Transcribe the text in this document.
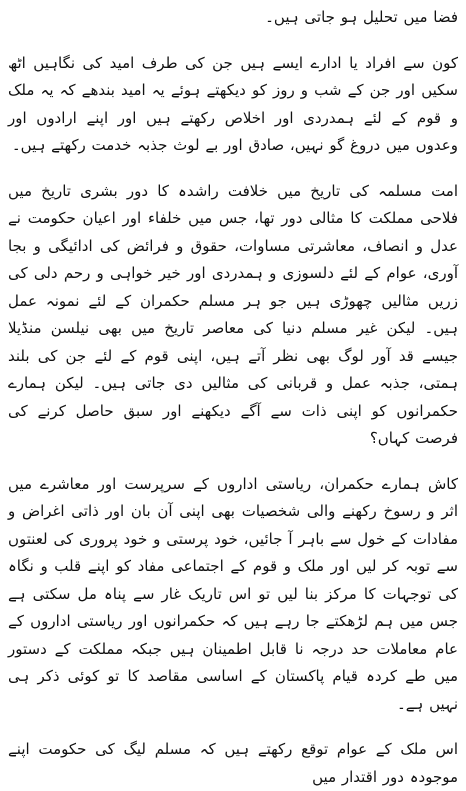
فضا میں تحلیل ہو جاتی ہیں۔

کون سے افراد یا ادارے ایسے ہیں جن کی طرف امید کی نگاہیں اٹھ سکیں اور جن کے شب و روز کو دیکھتے ہوئے یہ امید بندھے کہ یہ ملک و قوم کے لئے ہمدردی اور اخلاص رکھتے ہیں اور اپنے ارادوں اور وعدوں میں دروغ گو نہیں، صادق اور بے لوث جذبہ خدمت رکھتے ہیں۔

امت مسلمہ کی تاریخ میں خلافت راشدہ کا دور بشری تاریخ میں فلاحی مملکت کا مثالی دور تھا، جس میں خلفاء اور اعیان حکومت نے عدل و انصاف، معاشرتی مساوات، حقوق و فرائض کی ادائیگی و بجا آوری، عوام کے لئے دلسوزی و ہمدردی اور خیر خواہی و رحم دلی کی زریں مثالیں چھوڑی ہیں جو ہر مسلم حکمران کے لئے نمونہ عمل ہیں۔ لیکن غیر مسلم دنیا کی معاصر تاریخ میں بھی نیلسن منڈیلا جیسے قد آور لوگ بھی نظر آتے ہیں، اپنی قوم کے لئے جن کی بلند ہمتی، جذبہ عمل و قربانی کی مثالیں دی جاتی ہیں۔ لیکن ہمارے حکمرانوں کو اپنی ذات سے آگے دیکھنے اور سبق حاصل کرنے کی فرصت کہاں؟

کاش ہمارے حکمران، ریاستی اداروں کے سرپرست اور معاشرے میں اثر و رسوخ رکھنے والی شخصیات بھی اپنی آن بان اور ذاتی اغراض و مفادات کے خول سے باہر آ جائیں، خود پرستی و خود پروری کی لعنتوں سے توبہ کر لیں اور ملک و قوم کے اجتماعی مفاد کو اپنے قلب و نگاہ کی توجہات کا مرکز بنا لیں تو اس تاریک غار سے پناہ مل سکتی ہے جس میں ہم لڑھکتے جا رہے ہیں کہ حکمرانوں اور ریاستی اداروں کے عام معاملات حد درجہ نا قابل اطمینان ہیں جبکہ مملکت کے دستور میں طے کردہ قیام پاکستان کے اساسی مقاصد کا تو کوئی ذکر ہی نہیں ہے۔

اس ملک کے عوام توقع رکھتے ہیں کہ مسلم لیگ کی حکومت اپنے موجودہ دور اقتدار میں
